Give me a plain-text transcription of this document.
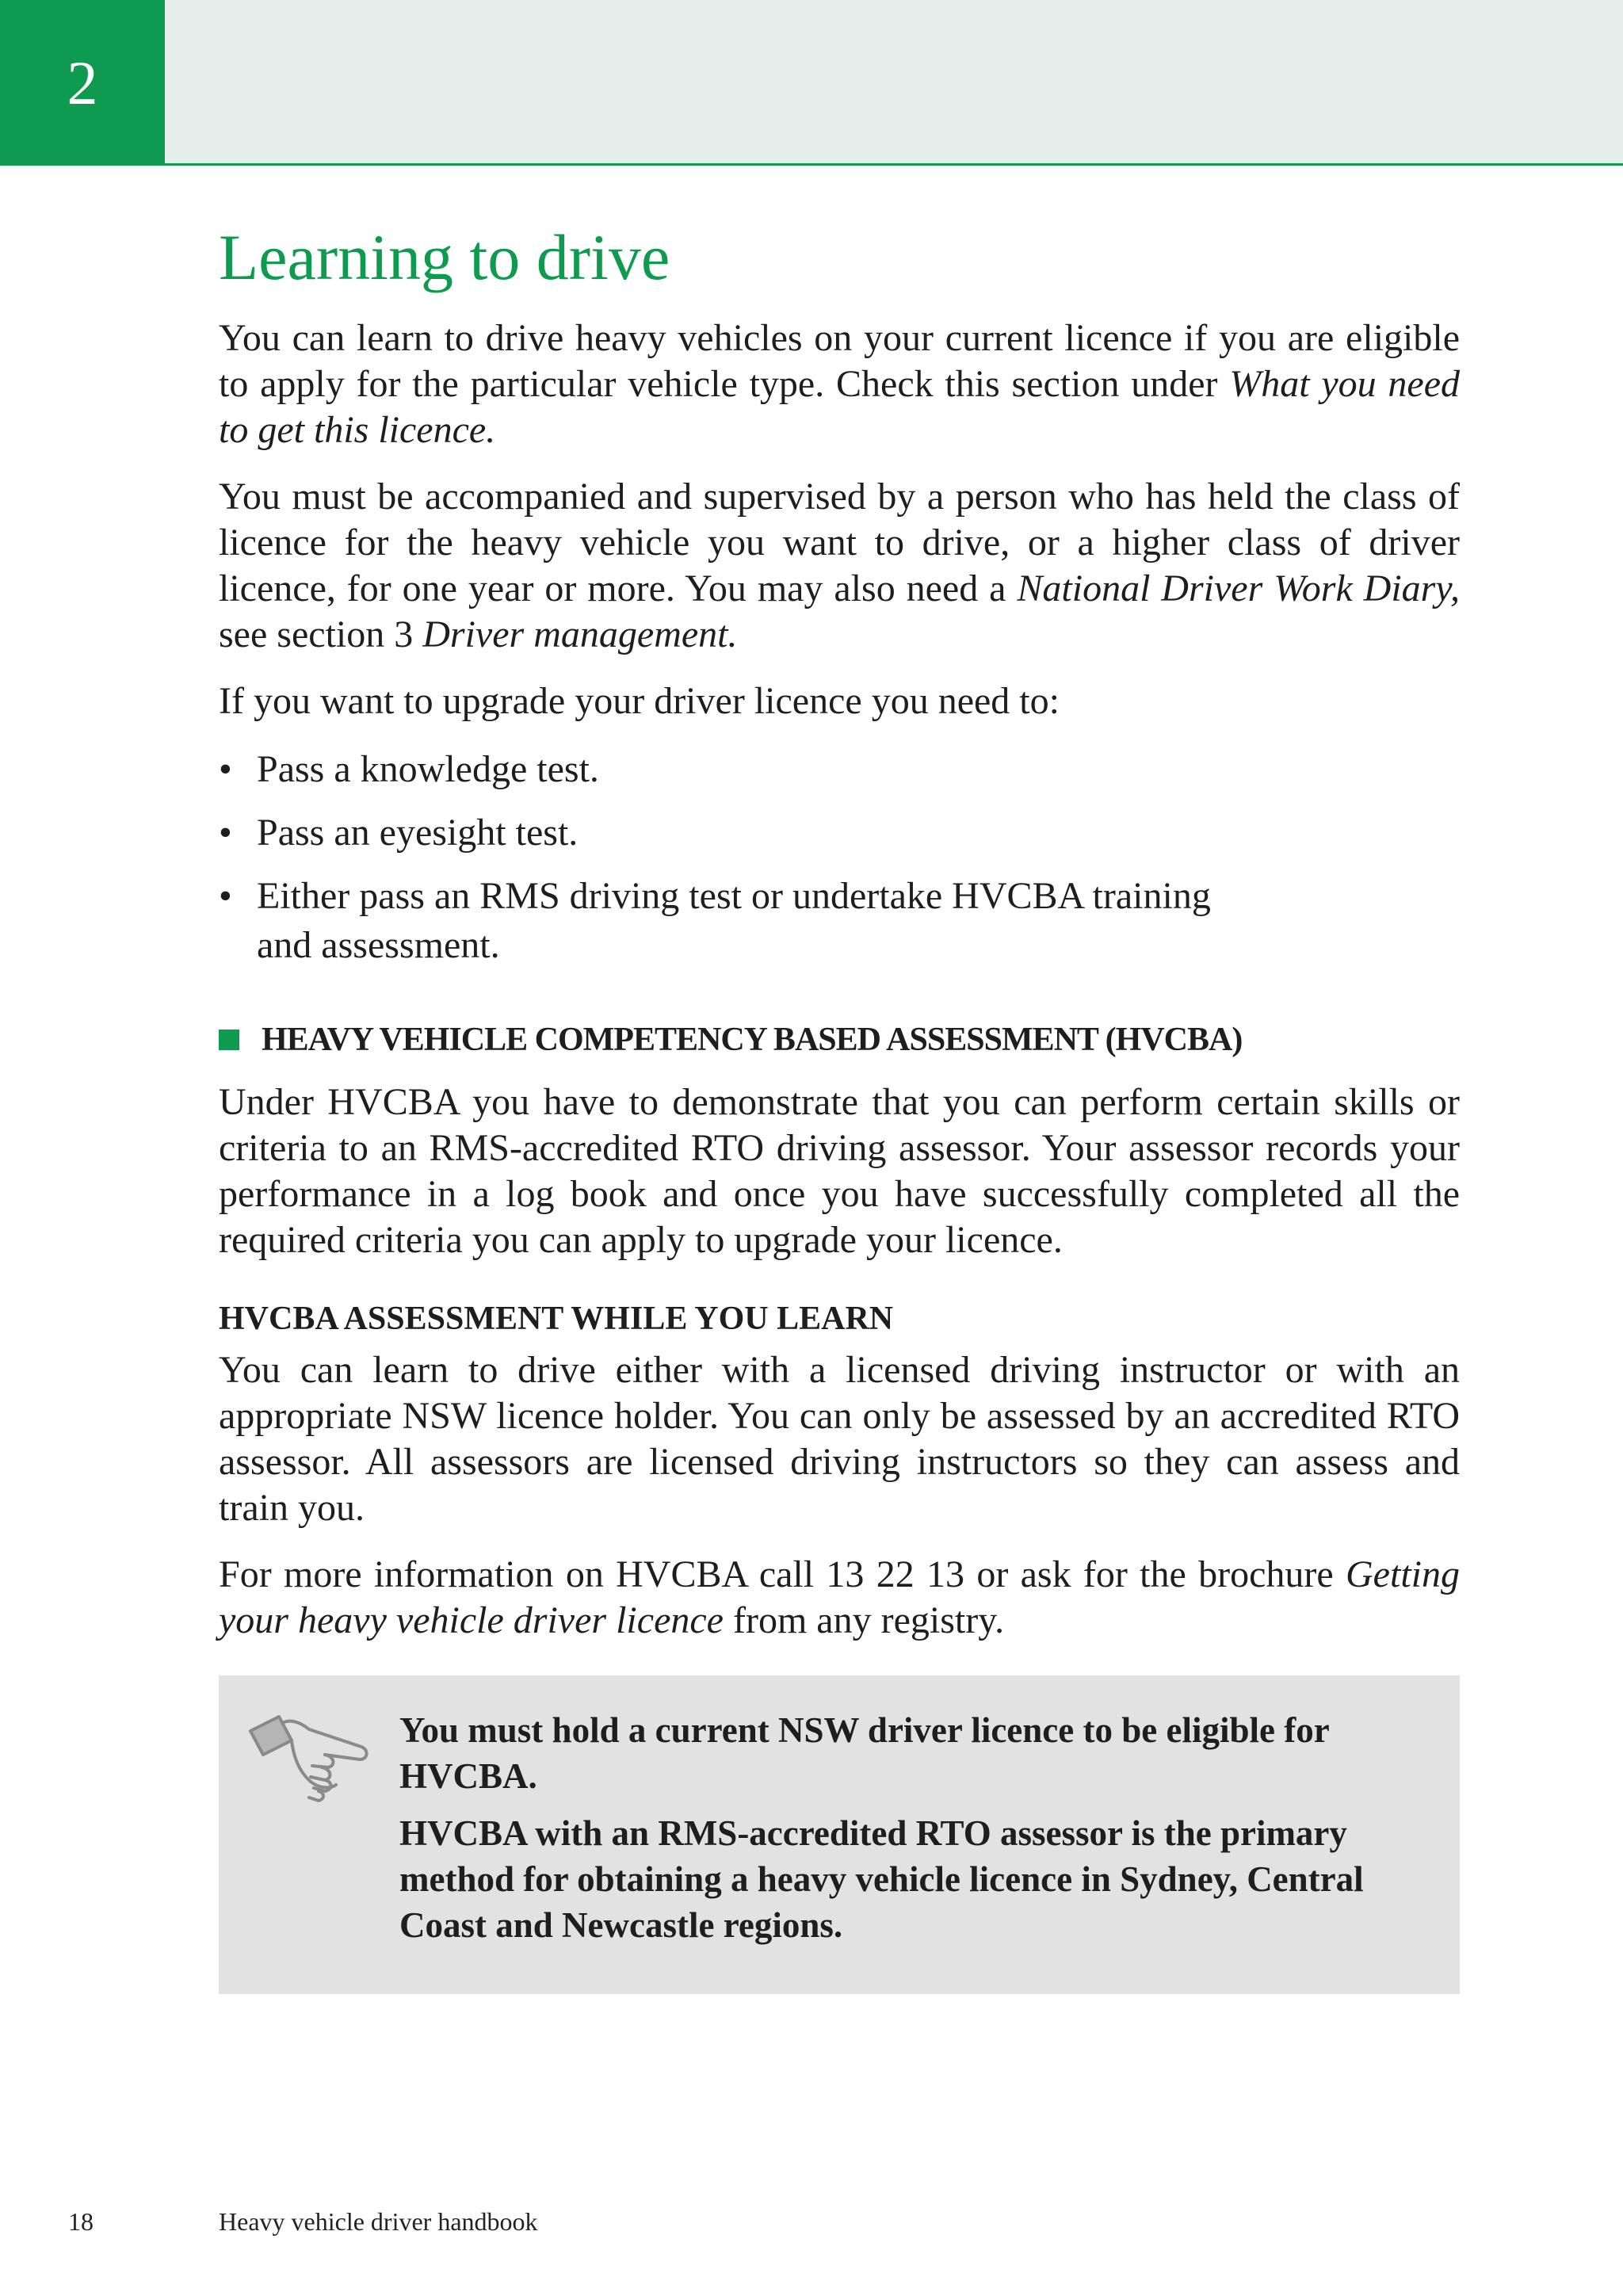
2
Learning to drive

You can learn to drive heavy vehicles on your current licence if you are eligible to apply for the particular vehicle type. Check this section under What you need to get this licence.

You must be accompanied and supervised by a person who has held the class of licence for the heavy vehicle you want to drive, or a higher class of driver licence, for one year or more. You may also need a National Driver Work Diary, see section 3 Driver management.

If you want to upgrade your driver licence you need to:

• Pass a knowledge test.
• Pass an eyesight test.
• Either pass an RMS driving test or undertake HVCBA training and assessment.
HEAVY VEHICLE COMPETENCY BASED ASSESSMENT (HVCBA)

Under HVCBA you have to demonstrate that you can perform certain skills or criteria to an RMS-accredited RTO driving assessor. Your assessor records your performance in a log book and once you have successfully completed all the required criteria you can apply to upgrade your licence.

HVCBA ASSESSMENT WHILE YOU LEARN

You can learn to drive either with a licensed driving instructor or with an appropriate NSW licence holder. You can only be assessed by an accredited RTO assessor. All assessors are licensed driving instructors so they can assess and train you.

For more information on HVCBA call 13 22 13 or ask for the brochure Getting your heavy vehicle driver licence from any registry.

You must hold a current NSW driver licence to be eligible for HVCBA.

HVCBA with an RMS-accredited RTO assessor is the primary method for obtaining a heavy vehicle licence in Sydney, Central Coast and Newcastle regions.

18	Heavy vehicle driver handbook
